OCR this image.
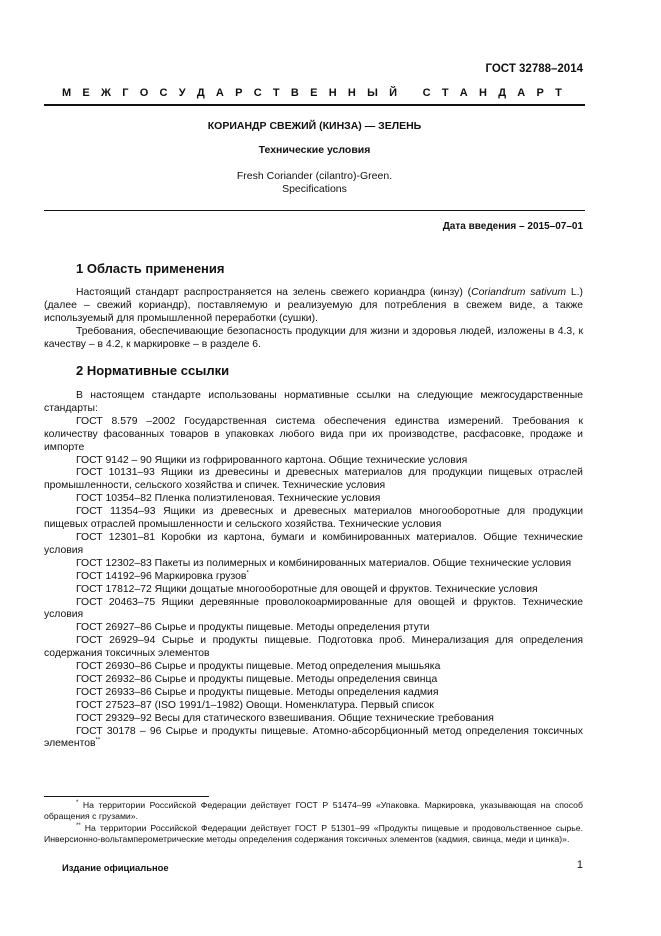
ГОСТ 32788–2014
М Е Ж Г О С У Д А Р С Т В Е Н Н Ы Й
С Т А Н Д А Р Т
КОРИАНДР СВЕЖИЙ (КИНЗА) — ЗЕЛЕНЬ
Технические условия
Fresh Coriander (cilantro)-Green.
Specifications
Дата введения – 2015–07–01
1 Область применения

Настоящий стандарт распространяется на зелень свежего кориандра (кинзу) (Coriandrum sativum L.) (далее – свежий кориандр), поставляемую и реализуемую для потребления в свежем виде, а также используемый для промышленной переработки (сушки).

Требования, обеспечивающие безопасность продукции для жизни и здоровья людей, изложены в 4.3, к качеству – в 4.2, к маркировке – в разделе 6.

2 Нормативные ссылки

В настоящем стандарте использованы нормативные ссылки на следующие межгосударственные стандарты:

ГОСТ 8.579 –2002 Государственная система обеспечения единства измерений. Требования к количеству фасованных товаров в упаковках любого вида при их производстве, расфасовке, продаже и импорте

ГОСТ 9142 – 90 Ящики из гофрированного картона. Общие технические условия

ГОСТ 10131–93 Ящики из древесины и древесных материалов для продукции пищевых отраслей промышленности, сельского хозяйства и спичек. Технические условия

ГОСТ 10354–82 Пленка полиэтиленовая. Технические условия

ГОСТ 11354–93 Ящики из древесных и древесных материалов многооборотные для продукции пищевых отраслей промышленности и сельского хозяйства. Технические условия

ГОСТ 12301–81 Коробки из картона, бумаги и комбинированных материалов. Общие технические условия

ГОСТ 12302–83 Пакеты из полимерных и комбинированных материалов. Общие технические условия

ГОСТ 14192–96 Маркировка грузов*

ГОСТ 17812–72 Ящики дощатые многооборотные для овощей и фруктов. Технические условия

ГОСТ 20463–75 Ящики деревянные проволокоармированные для овощей и фруктов. Технические условия

ГОСТ 26927–86 Сырье и продукты пищевые. Методы определения ртути

ГОСТ 26929–94 Сырье и продукты пищевые. Подготовка проб. Минерализация для определения содержания токсичных элементов

ГОСТ 26930–86 Сырье и продукты пищевые. Метод определения мышьяка

ГОСТ 26932–86 Сырье и продукты пищевые. Методы определения свинца

ГОСТ 26933–86 Сырье и продукты пищевые. Методы определения кадмия

ГОСТ 27523–87 (ISO 1991/1–1982) Овощи. Номенклатура. Первый список

ГОСТ 29329–92 Весы для статического взвешивания. Общие технические требования

ГОСТ 30178 – 96 Сырье и продукты пищевые. Атомно-абсорбционный метод определения токсичных элементов**

* На территории Российской Федерации действует ГОСТ Р 51474–99 «Упаковка. Маркировка, указывающая на способ обращения с грузами».

** На территории Российской Федерации действует ГОСТ Р 51301–99 «Продукты пищевые и продовольственное сырье. Инверсионно-вольтамперометрические методы определения содержания токсичных элементов (кадмия, свинца, меди и цинка)».

Издание официальное	1
